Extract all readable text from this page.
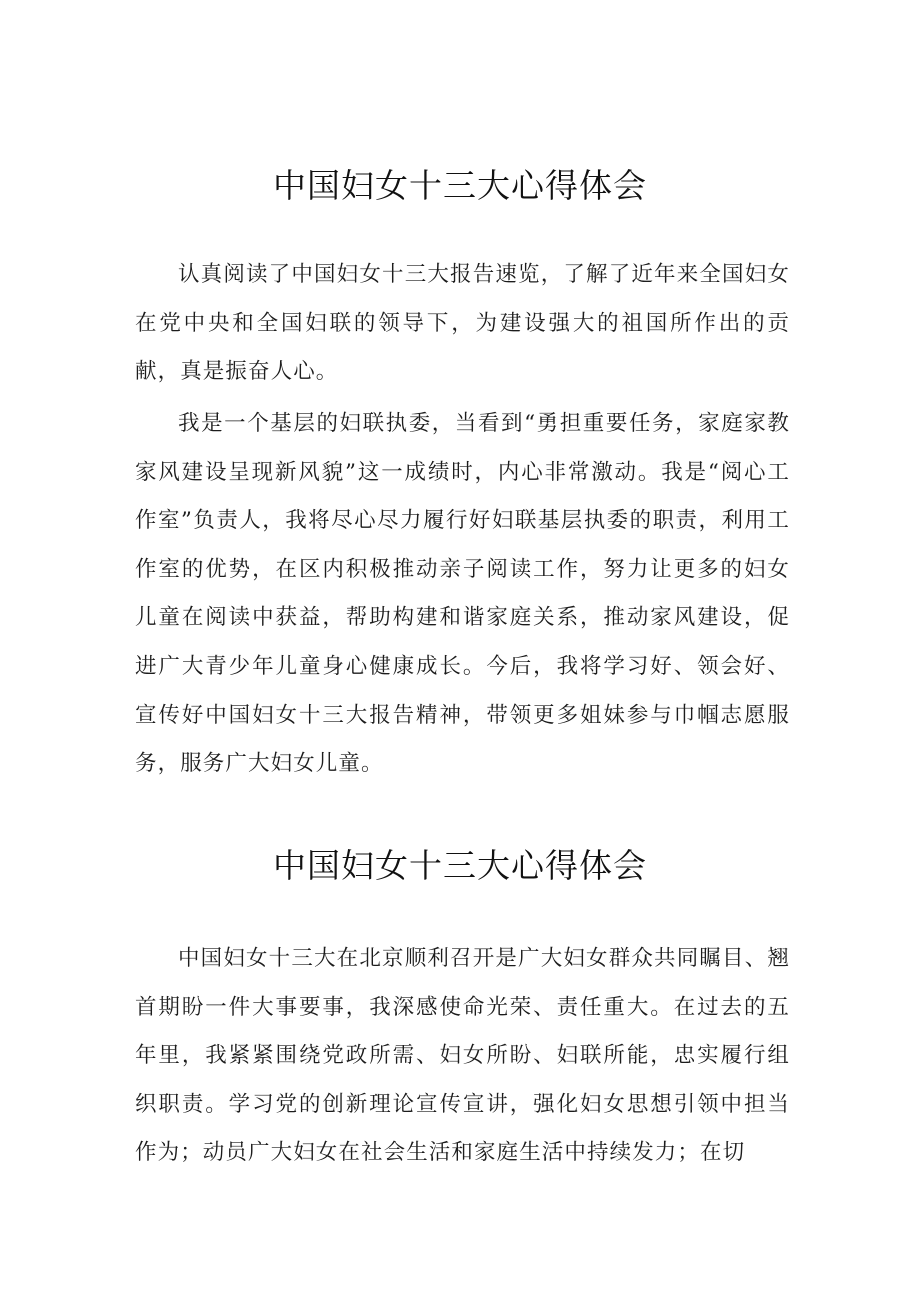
中国妇女十三大心得体会

认真阅读了中国妇女十三大报告速览，了解了近年来全国妇女在党中央和全国妇联的领导下，为建设强大的祖国所作出的贡献，真是振奋人心。

我是一个基层的妇联执委，当看到“勇担重要任务，家庭家教家风建设呈现新风貌”这一成绩时，内心非常激动。我是“阅心工作室”负责人，我将尽心尽力履行好妇联基层执委的职责，利用工作室的优势，在区内积极推动亲子阅读工作，努力让更多的妇女儿童在阅读中获益，帮助构建和谐家庭关系，推动家风建设，促进广大青少年儿童身心健康成长。今后，我将学习好、领会好、宣传好中国妇女十三大报告精神，带领更多姐妹参与巾帼志愿服务，服务广大妇女儿童。

中国妇女十三大心得体会

中国妇女十三大在北京顺利召开是广大妇女群众共同瞩目、翘首期盼一件大事要事，我深感使命光荣、责任重大。在过去的五年里，我紧紧围绕党政所需、妇女所盼、妇联所能，忠实履行组织职责。学习党的创新理论宣传宣讲，强化妇女思想引领中担当作为；动员广大妇女在社会生活和家庭生活中持续发力；在切
